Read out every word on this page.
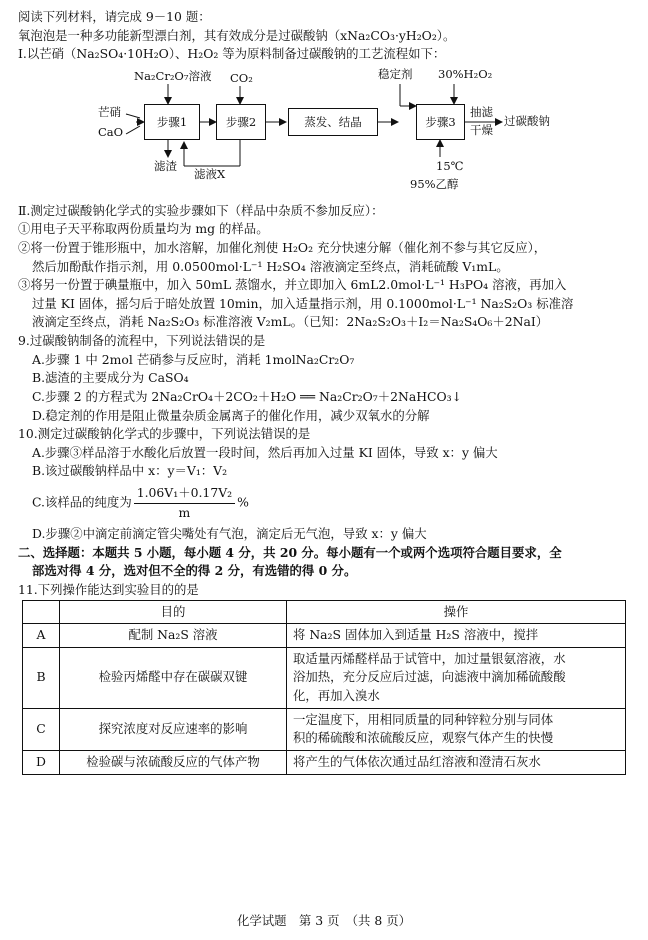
阅读下列材料，请完成 9－10 题：
氧泡泡是一种多功能新型漂白剂，其有效成分是过碳酸钠（xNa₂CO₃·yH₂O₂）。
Ⅰ.以芒硝（Na₂SO₄·10H₂O）、H₂O₂ 等为原料制备过碳酸钠的工艺流程如下：
Na₂Cr₂O₇溶液
芒硝
CaO
步骤1
CO₂
步骤2
滤液X
滤渣
蒸发、结晶
稳定剂 30%H₂O₂
步骤3
15℃
95%乙醇
抽滤
干燥
过碳酸钠
Ⅱ.测定过碳酸钠化学式的实验步骤如下（样品中杂质不参加反应）：
①用电子天平称取两份质量均为 mg 的样品。
②将一份置于锥形瓶中，加水溶解，加催化剂使 H₂O₂ 充分快速分解（催化剂不参与其它反应），
然后加酚酞作指示剂，用 0.0500mol·L⁻¹ H₂SO₄ 溶液滴定至终点，消耗硫酸 V₁mL。
③将另一份置于碘量瓶中，加入 50mL 蒸馏水，并立即加入 6mL2.0mol·L⁻¹ H₃PO₄ 溶液，再加入
过量 KI 固体，摇匀后于暗处放置 10min，加入适量指示剂，用 0.1000mol·L⁻¹ Na₂S₂O₃ 标准溶
液滴定至终点，消耗 Na₂S₂O₃ 标准溶液 V₂mL。（已知：2Na₂S₂O₃＋I₂＝Na₂S₄O₆＋2NaI）
9.过碳酸钠制备的流程中，下列说法错误的是
A.步骤 1 中 2mol 芒硝参与反应时，消耗 1molNa₂Cr₂O₇
B.滤渣的主要成分为 CaSO₄
C.步骤 2 的方程式为 2Na₂CrO₄＋2CO₂＋H₂O ══ Na₂Cr₂O₇＋2NaHCO₃↓
D.稳定剂的作用是阻止微量杂质金属离子的催化作用，减少双氧水的分解
10.测定过碳酸钠化学式的步骤中，下列说法错误的是
A.步骤③样品溶于水酸化后放置一段时间，然后再加入过量 KI 固体，导致 x：y 偏大
B.该过碳酸钠样品中 x：y＝V₁：V₂
C.该样品的纯度为 $\frac{\text{1.06V₁＋0.17V₂}}{m}$ %
D.步骤②中滴定前滴定管尖嘴处有气泡，滴定后无气泡，导致 x：y 偏大
二、选择题：本题共 5 小题，每小题 4 分，共 20 分。每小题有一个或两个选项符合题目要求，全
部选对得 4 分，选对但不全的得 2 分，有选错的得 0 分。
11.下列操作能达到实验目的的是
	目的	操作
A	配制 Na₂S 溶液	将 Na₂S 固体加入到适量 H₂S 溶液中，搅拌

B	检验丙烯醛中存在碳碳双键	取适量丙烯醛样品于试管中，加过量银氨溶液，水
浴加热，充分反应后过滤，向滤液中滴加稀硫酸酸
化，再加入溴水

C	探究浓度对反应速率的影响	一定温度下，用相同质量的同种锌粒分别与同体
积的稀硫酸和浓硫酸反应，观察气体产生的快慢

D	检验碳与浓硫酸反应的气体产物	将产生的气体依次通过品红溶液和澄清石灰水
化学试题　第 3 页　（共 8 页）
